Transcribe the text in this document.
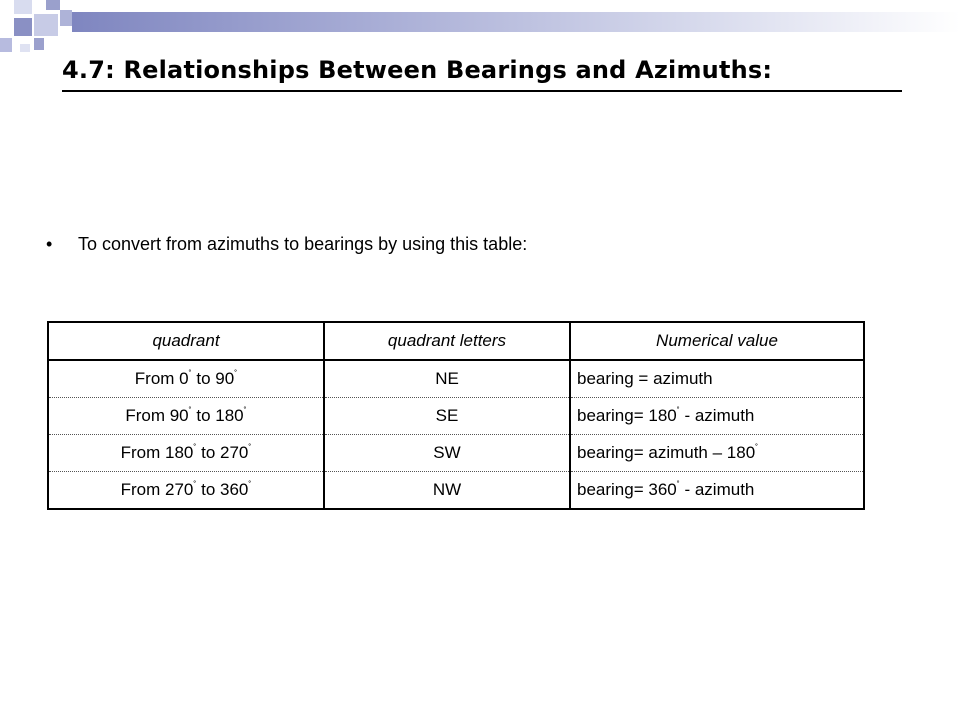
4.7: Relationships Between Bearings and Azimuths:
• To convert from azimuths to bearings by using this table:
quadrant	quadrant letters	Numerical value
From 0˚ to 90˚	NE	bearing = azimuth
From 90˚ to 180˚	SE	bearing= 180˚ - azimuth
From 180˚ to 270˚	SW	bearing= azimuth – 180˚
From 270˚ to 360˚	NW	bearing= 360˚ - azimuth
